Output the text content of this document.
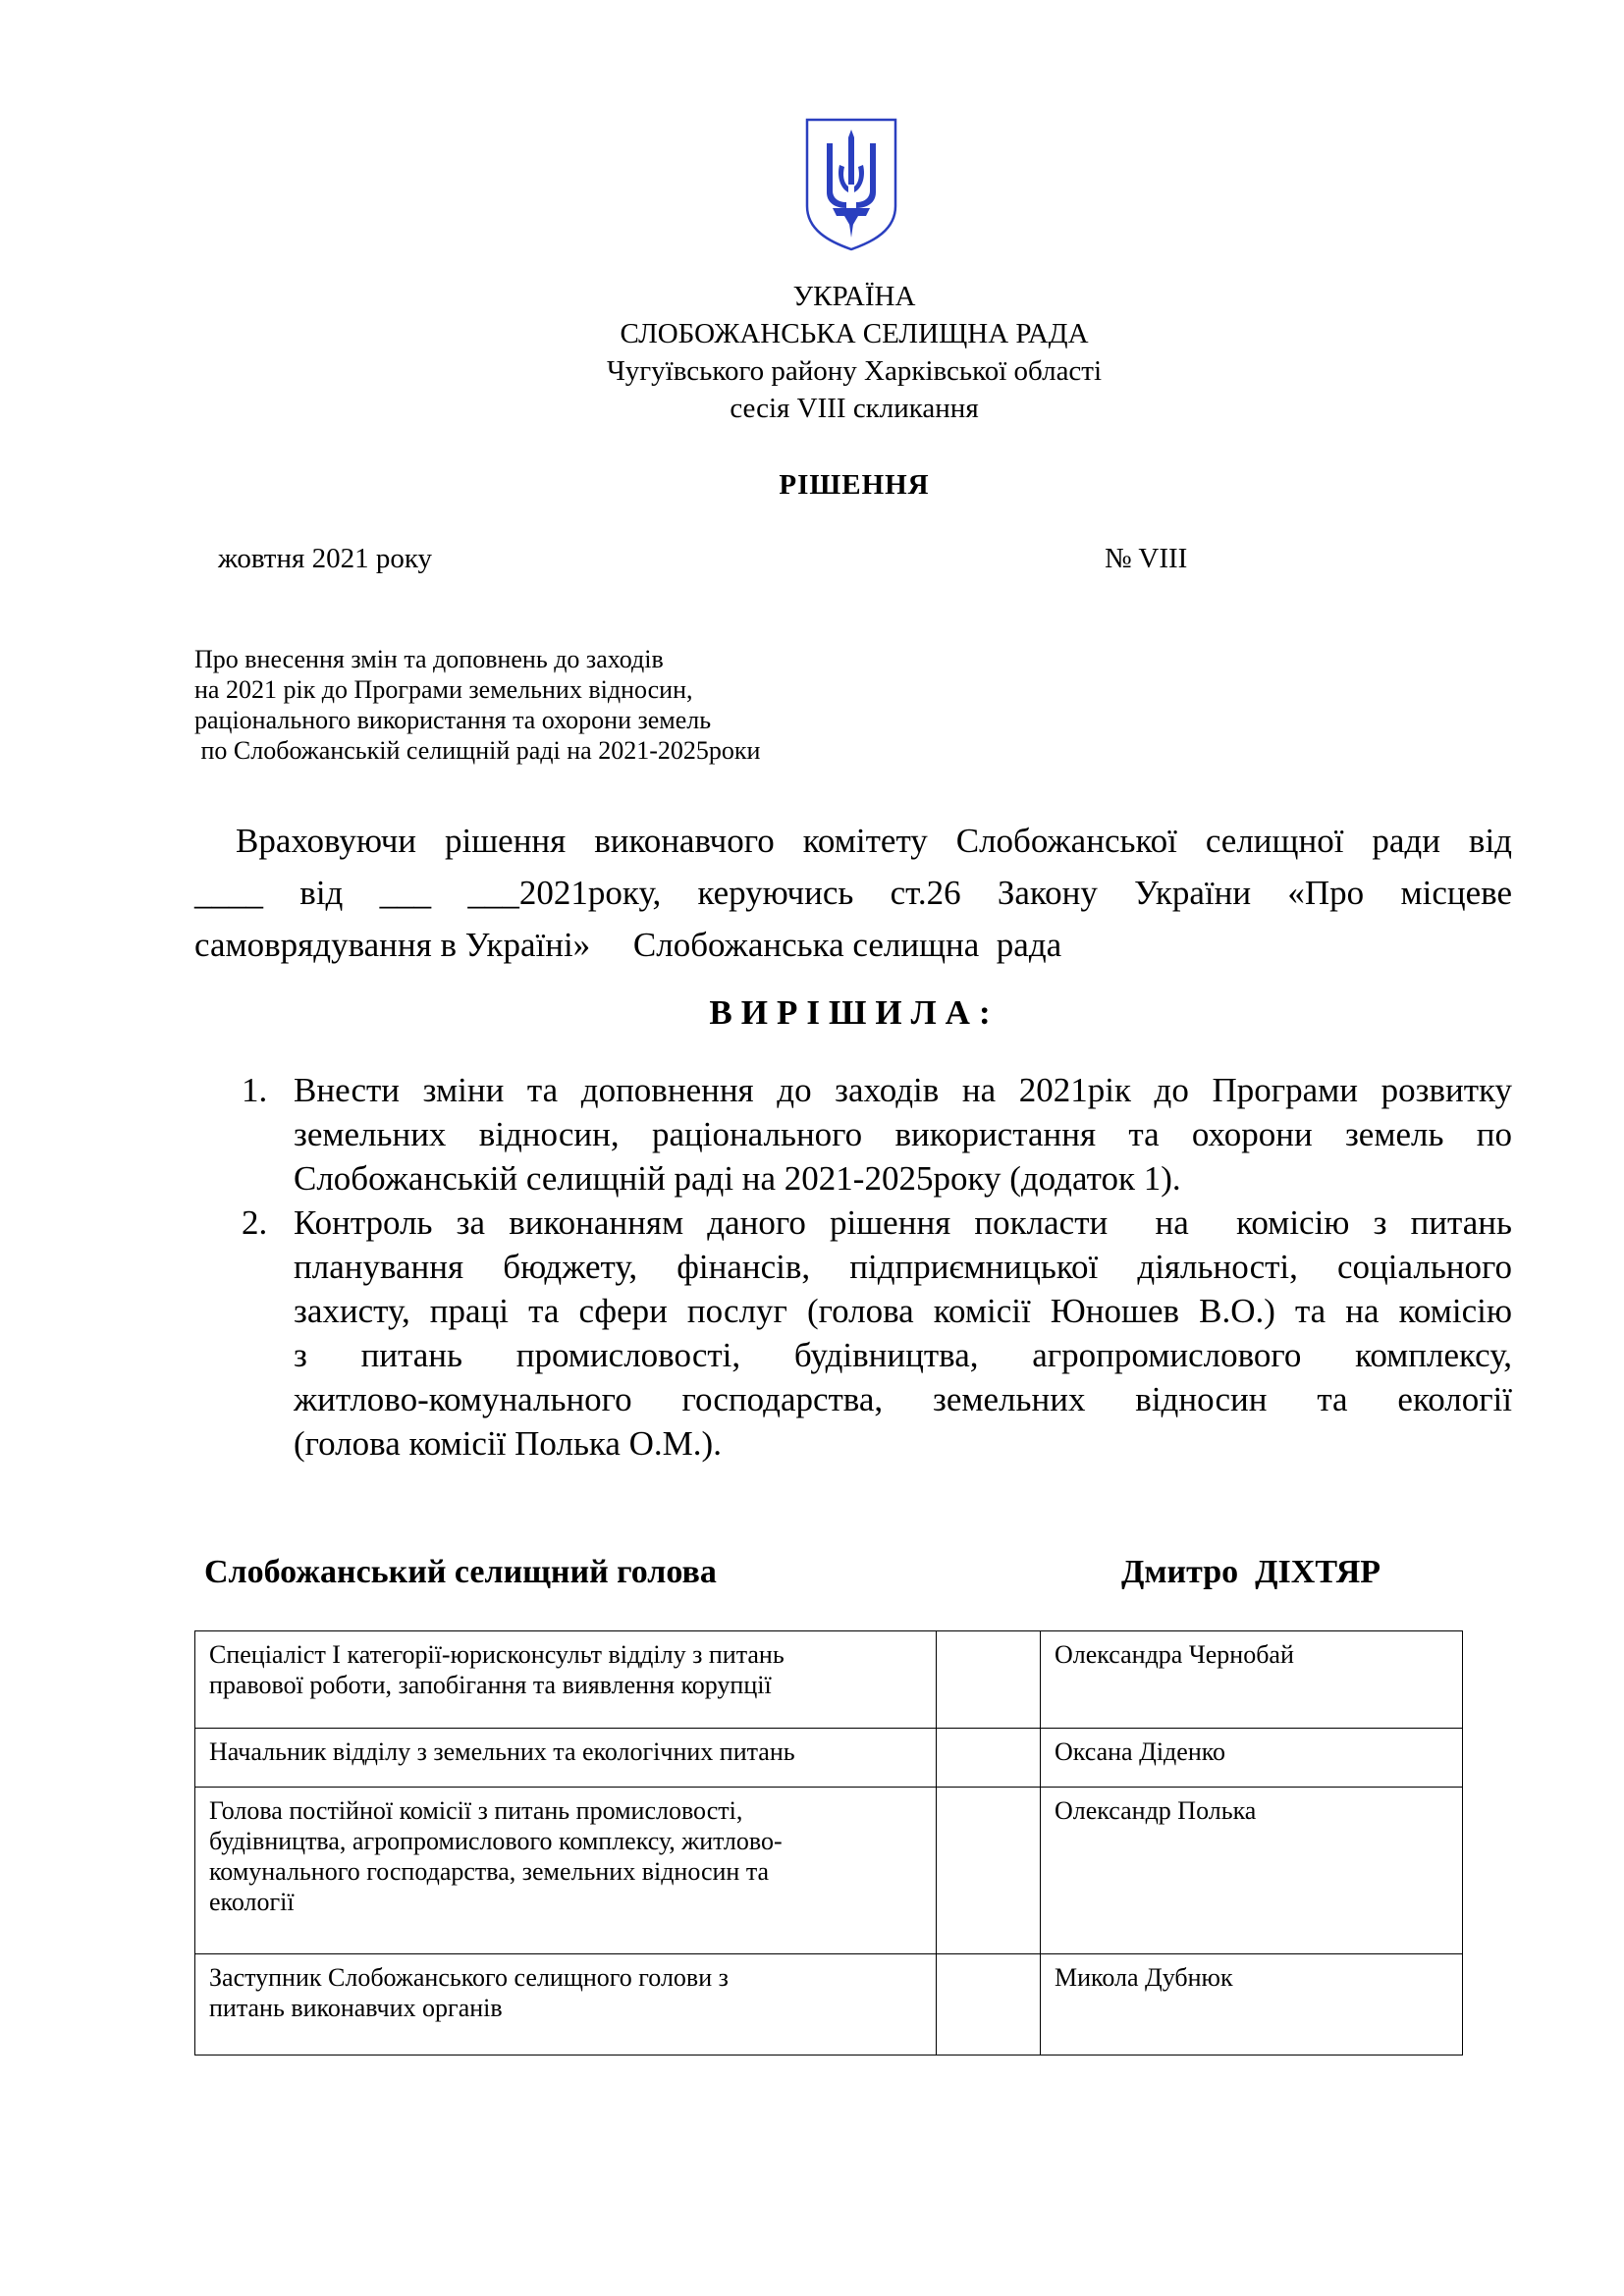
УКРАЇНА
СЛОБОЖАНСЬКА СЕЛИЩНА РАДА
Чугуївського району Харківської області
сесія VIII скликання
РІШЕННЯ
жовтня 2021 року	№ VIII
Про внесення змін та доповнень до заходів
на 2021 рік до Програми земельних відносин,
раціонального використання та охорони земель
по Слобожанській селищній раді на 2021-2025роки
Враховуючи рішення виконавчого комітету Слобожанської селищної ради від
____  від  ___  ___2021року,  керуючись  ст.26  Закону  України  «Про  місцеве
самоврядування в Україні»     Слобожанська селищна  рада
ВИРІШИЛА:
1. Внести зміни та доповнення до заходів на 2021рік до Програми розвитку
земельних відносин, раціонального використання та охорони земель по
Слобожанській селищній раді на 2021-2025року (додаток 1).
2. Контроль за виконанням даного рішення покласти  на  комісію з питань
планування бюджету, фінансів, підприємницької діяльності, соціального
захисту, праці та сфери послуг (голова комісії Юношев В.О.) та на комісію
з питань промисловості, будівництва, агропромислового комплексу,
житлово-комунального господарства, земельних відносин та екології
(голова комісії Полька О.М.).
Слобожанський селищний голова	Дмитро  ДІХТЯР
Спеціаліст І категорії-юрисконсульт відділу з питань
правової роботи, запобігання та виявлення корупції		Олександра Чернобай

Начальник відділу з земельних та екологічних питань		Оксана Діденко

Голова постійної комісії з питань промисловості,
будівництва, агропромислового комплексу, житлово-
комунального господарства, земельних відносин та
екології		Олександр Полька

Заступник Слобожанського селищного голови з
питань виконавчих органів		Микола Дубнюк
